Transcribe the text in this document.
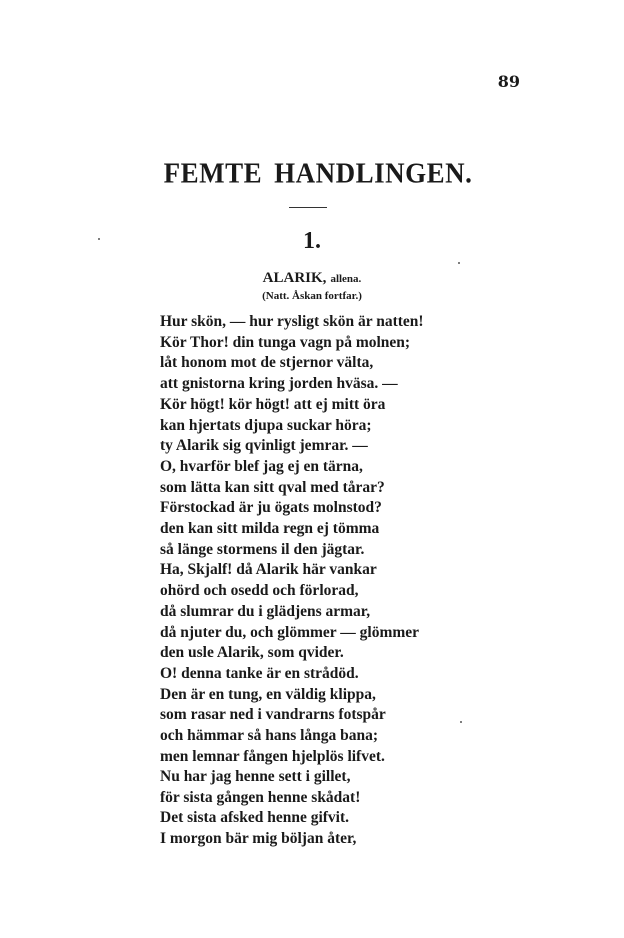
89
FEMTE HANDLINGEN.
1.
ALARIK, allena.
(Natt. Åskan fortfar.)
Hur skön, — hur rysligt skön är natten!
Kör Thor! din tunga vagn på molnen;
låt honom mot de stjernor välta,
att gnistorna kring jorden hväsa. —
Kör högt! kör högt! att ej mitt öra
kan hjertats djupa suckar höra;
ty Alarik sig qvinligt jemrar. —
O, hvarför blef jag ej en tärna,
som lätta kan sitt qval med tårar?
Förstockad är ju ögats molnstod?
den kan sitt milda regn ej tömma
så länge stormens il den jägtar.
Ha, Skjalf! då Alarik här vankar
ohörd och osedd och förlorad,
då slumrar du i glädjens armar,
då njuter du, och glömmer — glömmer
den usle Alarik, som qvider.
O! denna tanke är en strådöd.
Den är en tung, en väldig klippa,
som rasar ned i vandrarns fotspår
och hämmar så hans långa bana;
men lemnar fången hjelplös lifvet.
Nu har jag henne sett i gillet,
för sista gången henne skådat!
Det sista afsked henne gifvit.
I morgon bär mig böljan åter,
